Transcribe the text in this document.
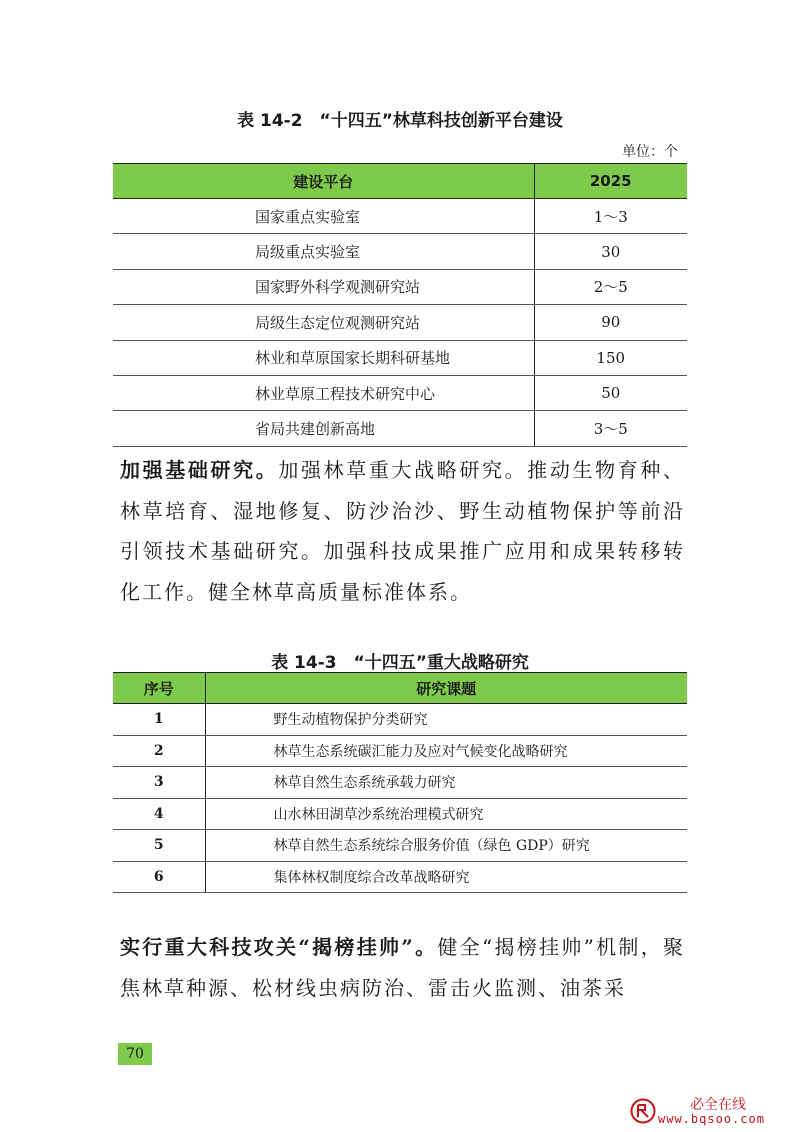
表 14-2　“十四五”林草科技创新平台建设
单位：个
建设平台	2025
国家重点实验室	1～3
局级重点实验室	30
国家野外科学观测研究站	2～5
局级生态定位观测研究站	90
林业和草原国家长期科研基地	150
林业草原工程技术研究中心	50
省局共建创新高地	3～5
加强基础研究。加强林草重大战略研究。推动生物育种、林草培育、湿地修复、防沙治沙、野生动植物保护等前沿引领技术基础研究。加强科技成果推广应用和成果转移转化工作。健全林草高质量标准体系。
表 14-3　“十四五”重大战略研究
序号	研究课题
1	野生动植物保护分类研究
2	林草生态系统碳汇能力及应对气候变化战略研究
3	林草自然生态系统承载力研究
4	山水林田湖草沙系统治理模式研究
5	林草自然生态系统综合服务价值（绿色 GDP）研究
6	集体林权制度综合改革战略研究
实行重大科技攻关“揭榜挂帅”。健全“揭榜挂帅”机制，聚焦林草种源、松材线虫病防治、雷击火监测、油茶采
70
必全在线
www.bqsoo.com
